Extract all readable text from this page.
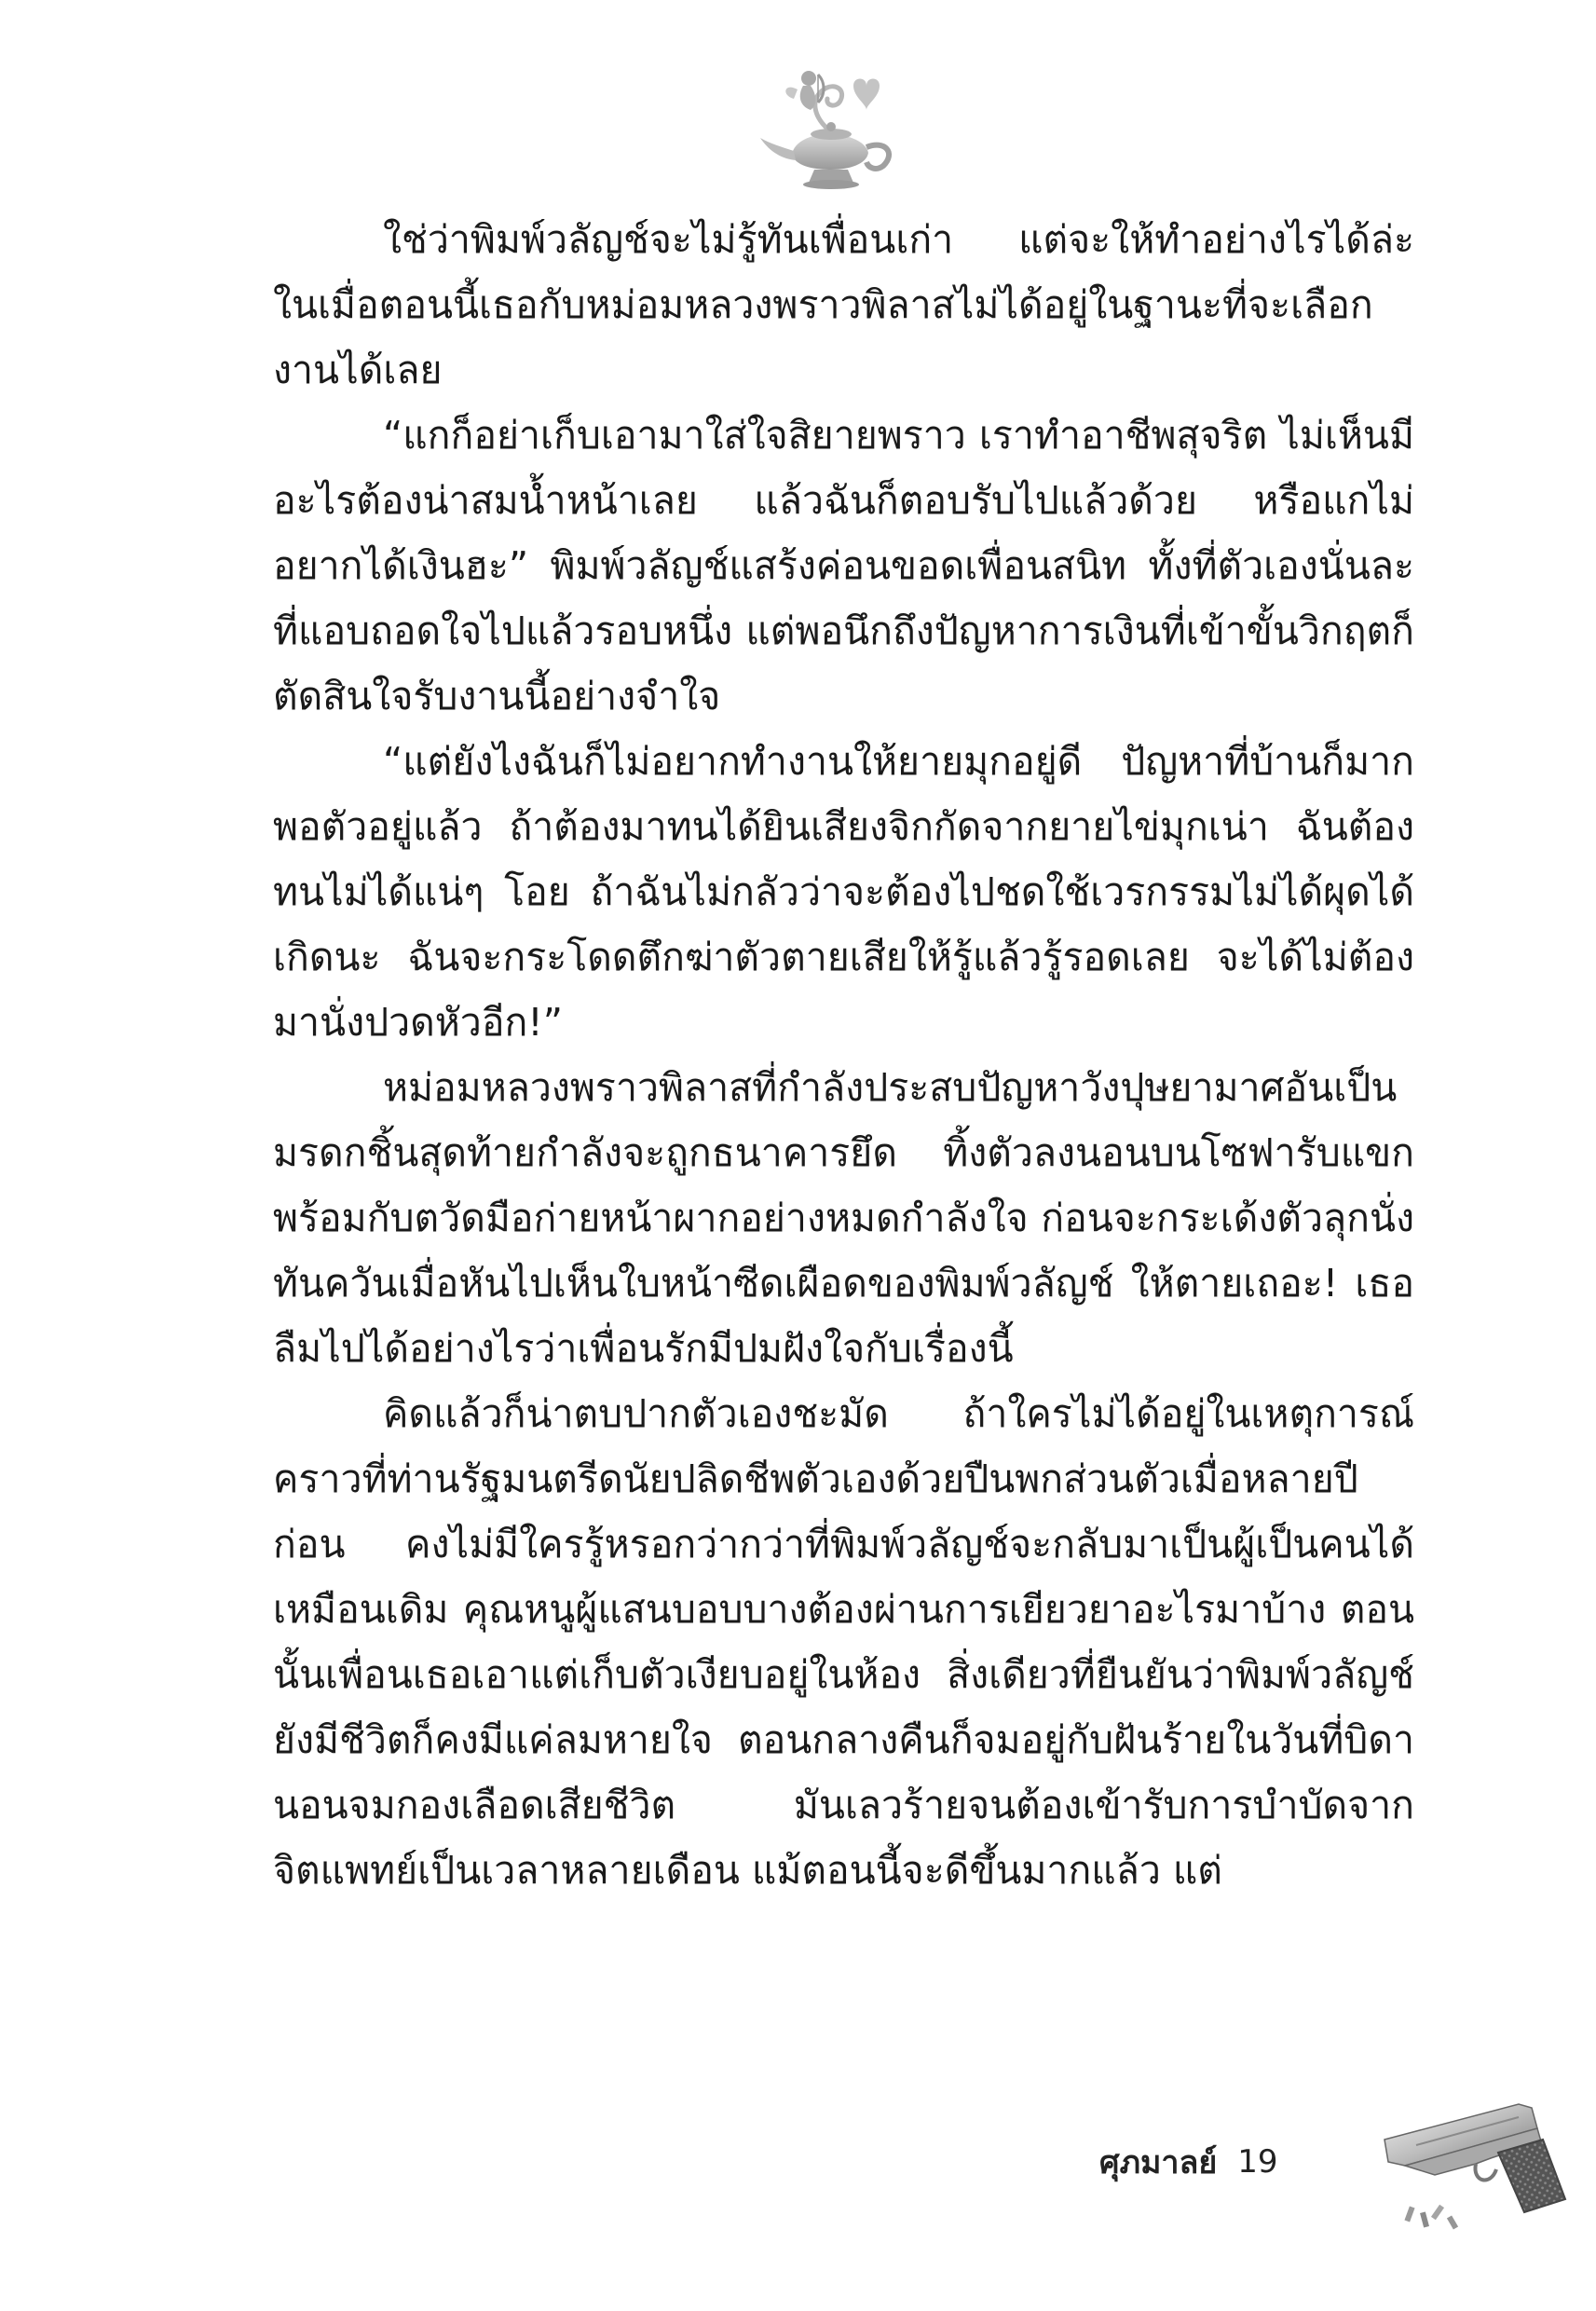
ใช่ว่าพิมพ์วลัญช์จะไม่รู้ทันเพื่อนเก่า แต่จะให้ทำอย่างไรได้ล่ะ ในเมื่อตอนนี้เธอกับหม่อมหลวงพราวพิลาสไม่ได้อยู่ในฐานะที่จะเลือกงานได้เลย

“แกก็อย่าเก็บเอามาใส่ใจสิยายพราว เราทำอาชีพสุจริต ไม่เห็นมีอะไรต้องน่าสมน้ำหน้าเลย แล้วฉันก็ตอบรับไปแล้วด้วย หรือแกไม่อยากได้เงินฮะ” พิมพ์วลัญช์แสร้งค่อนขอดเพื่อนสนิท ทั้งที่ตัวเองนั่นละที่แอบถอดใจไปแล้วรอบหนึ่ง แต่พอนึกถึงปัญหาการเงินที่เข้าขั้นวิกฤตก็ตัดสินใจรับงานนี้อย่างจำใจ

“แต่ยังไงฉันก็ไม่อยากทำงานให้ยายมุกอยู่ดี ปัญหาที่บ้านก็มากพอตัวอยู่แล้ว ถ้าต้องมาทนได้ยินเสียงจิกกัดจากยายไข่มุกเน่า ฉันต้องทนไม่ได้แน่ๆ โอย ถ้าฉันไม่กลัวว่าจะต้องไปชดใช้เวรกรรมไม่ได้ผุดได้เกิดนะ ฉันจะกระโดดตึกฆ่าตัวตายเสียให้รู้แล้วรู้รอดเลย จะได้ไม่ต้องมานั่งปวดหัวอีก!”

หม่อมหลวงพราวพิลาสที่กำลังประสบปัญหาวังปุษยามาศอันเป็นมรดกชิ้นสุดท้ายกำลังจะถูกธนาคารยึด ทิ้งตัวลงนอนบนโซฟารับแขกพร้อมกับตวัดมือก่ายหน้าผากอย่างหมดกำลังใจ ก่อนจะกระเด้งตัวลุกนั่งทันควันเมื่อหันไปเห็นใบหน้าซีดเผือดของพิมพ์วลัญช์ ให้ตายเถอะ! เธอลืมไปได้อย่างไรว่าเพื่อนรักมีปมฝังใจกับเรื่องนี้

คิดแล้วก็น่าตบปากตัวเองชะมัด ถ้าใครไม่ได้อยู่ในเหตุการณ์คราวที่ท่านรัฐมนตรีดนัยปลิดชีพตัวเองด้วยปืนพกส่วนตัวเมื่อหลายปีก่อน คงไม่มีใครรู้หรอกว่ากว่าที่พิมพ์วลัญช์จะกลับมาเป็นผู้เป็นคนได้เหมือนเดิม คุณหนูผู้แสนบอบบางต้องผ่านการเยียวยาอะไรมาบ้าง ตอนนั้นเพื่อนเธอเอาแต่เก็บตัวเงียบอยู่ในห้อง สิ่งเดียวที่ยืนยันว่าพิมพ์วลัญช์ยังมีชีวิตก็คงมีแค่ลมหายใจ ตอนกลางคืนก็จมอยู่กับฝันร้ายในวันที่บิดานอนจมกองเลือดเสียชีวิต มันเลวร้ายจนต้องเข้ารับการบำบัดจากจิตแพทย์เป็นเวลาหลายเดือน แม้ตอนนี้จะดีขึ้นมากแล้ว แต่

ศุภมาลย์ 19
